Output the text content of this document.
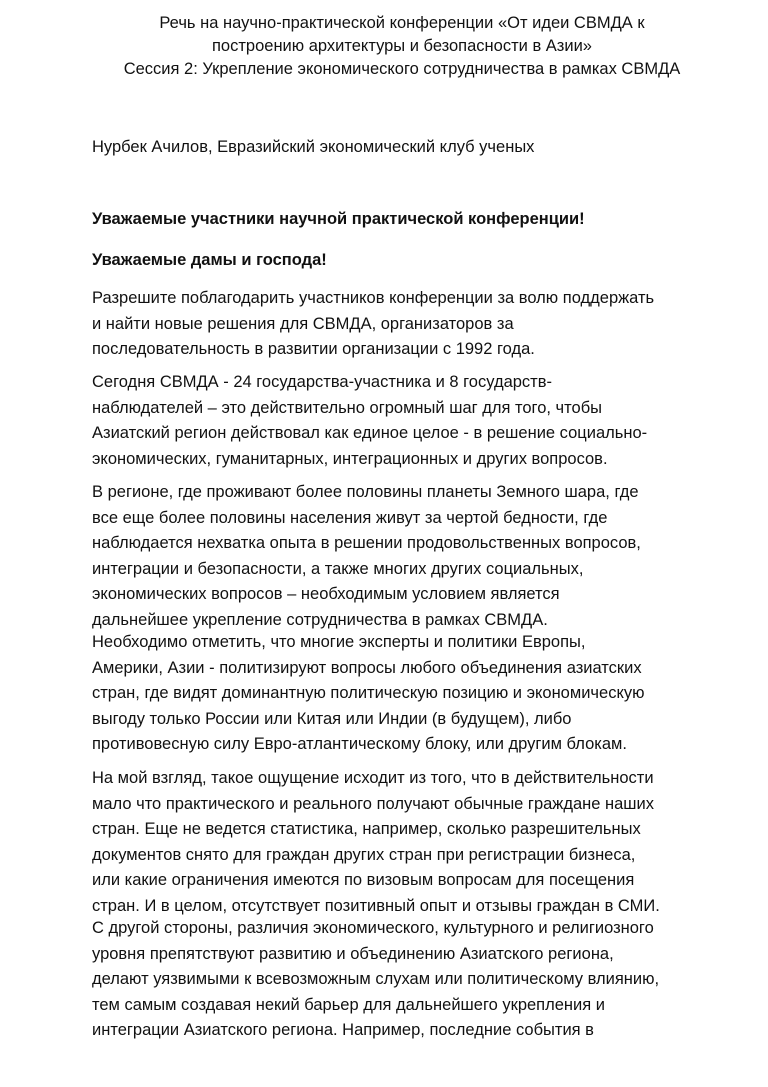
Речь на научно-практической конференции «От идеи СВМДА к
построению архитектуры и безопасности в Азии»
Сессия 2: Укрепление экономического сотрудничества в рамках СВМДА
Нурбек Ачилов, Евразийский экономический клуб ученых
Уважаемые участники научной практической конференции!
Уважаемые дамы и господа!
Разрешите поблагодарить участников конференции за волю поддержать
и найти новые решения для СВМДА, организаторов за
последовательность в развитии организации с 1992 года.
Сегодня СВМДА - 24 государства-участника и 8 государств-
наблюдателей – это действительно огромный шаг для того, чтобы
Азиатский регион действовал как единое целое - в решение социально-
экономических, гуманитарных, интеграционных и других вопросов.
В регионе, где проживают более половины планеты Земного шара, где
все еще более половины населения живут за чертой бедности, где
наблюдается нехватка опыта в решении продовольственных вопросов,
интеграции и безопасности, а также многих других социальных,
экономических вопросов – необходимым условием является
дальнейшее укрепление сотрудничества в рамках СВМДА.
Необходимо отметить, что многие эксперты и политики Европы,
Америки, Азии - политизируют вопросы любого объединения азиатских
стран, где видят доминантную политическую позицию и экономическую
выгоду только России или Китая или Индии (в будущем), либо
противовесную силу Евро-атлантическому блоку, или другим блокам.
На мой взгляд, такое ощущение исходит из того, что в действительности
мало что практического и реального получают обычные граждане наших
стран. Еще не ведется статистика, например, сколько разрешительных
документов снято для граждан других стран при регистрации бизнеса,
или какие ограничения имеются по визовым вопросам для посещения
стран. И в целом, отсутствует позитивный опыт и отзывы граждан в СМИ.
С другой стороны, различия экономического, культурного и религиозного
уровня препятствуют развитию и объединению Азиатского региона,
делают уязвимыми к всевозможным слухам или политическому влиянию,
тем самым создавая некий барьер для дальнейшего укрепления и
интеграции Азиатского региона. Например, последние события в
